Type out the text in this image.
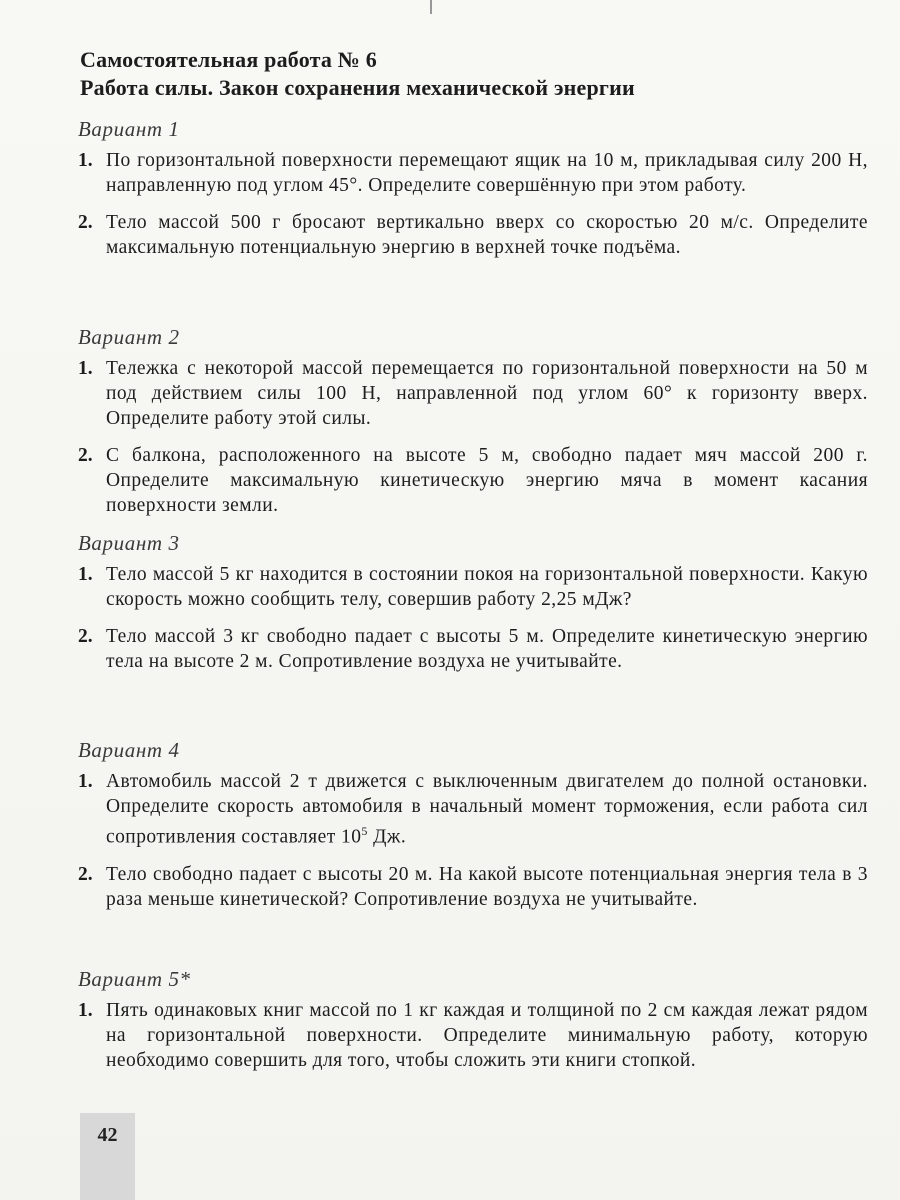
Самостоятельная работа № 6

Работа силы. Закон сохранения механической энергии

Вариант 1

1. По горизонтальной поверхности перемещают ящик на 10 м, прикладывая силу 200 Н, направленную под углом 45°. Определите совершённую при этом работу.
2. Тело массой 500 г бросают вертикально вверх со скоростью 20 м/с. Определите максимальную потенциальную энергию в верхней точке подъёма.

Вариант 2

1. Тележка с некоторой массой перемещается по горизонтальной поверхности на 50 м под действием силы 100 Н, направленной под углом 60° к горизонту вверх. Определите работу этой силы.
2. С балкона, расположенного на высоте 5 м, свободно падает мяч массой 200 г. Определите максимальную кинетическую энергию мяча в момент касания поверхности земли.

Вариант 3

1. Тело массой 5 кг находится в состоянии покоя на горизонтальной поверхности. Какую скорость можно сообщить телу, совершив работу 2,25 мДж?
2. Тело массой 3 кг свободно падает с высоты 5 м. Определите кинетическую энергию тела на высоте 2 м. Сопротивление воздуха не учитывайте.

Вариант 4

1. Автомобиль массой 2 т движется с выключенным двигателем до полной остановки. Определите скорость автомобиля в начальный момент торможения, если работа сил сопротивления составляет $10^5$ Дж.
2. Тело свободно падает с высоты 20 м. На какой высоте потенциальная энергия тела в 3 раза меньше кинетической? Сопротивление воздуха не учитывайте.

Вариант 5*

1. Пять одинаковых книг массой по 1 кг каждая и толщиной по 2 см каждая лежат рядом на горизонтальной поверхности. Определите минимальную работу, которую необходимо совершить для того, чтобы сложить эти книги стопкой.
42
